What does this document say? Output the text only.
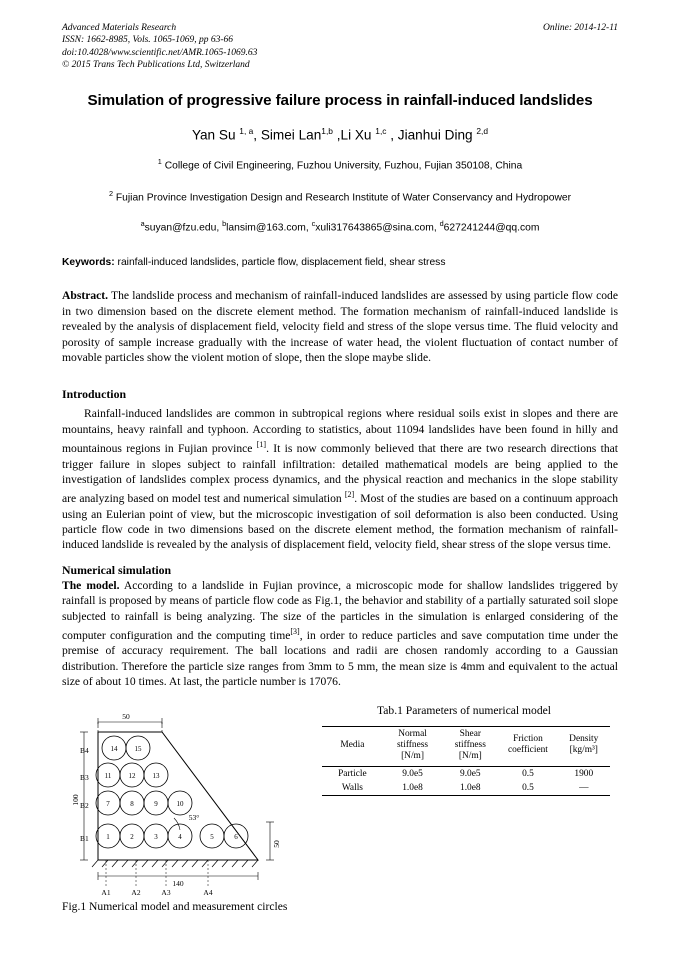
Advanced Materials Research
ISSN: 1662-8985, Vols. 1065-1069, pp 63-66
doi:10.4028/www.scientific.net/AMR.1065-1069.63
© 2015 Trans Tech Publications Ltd, Switzerland
Online: 2014-12-11
Simulation of progressive failure process in rainfall-induced landslides
Yan Su $^{1, a}$, Simei Lan$^{1,b}$ ,Li Xu $^{1,c}$ , Jianhui Ding $^{2,d}$
$^1$ College of Civil Engineering, Fuzhou University, Fuzhou, Fujian 350108, China
$^2$ Fujian Province Investigation Design and Research Institute of Water Conservancy and Hydropower
$^a$suyan@fzu.edu, $^b$lansim@163.com, $^c$xuli317643865@sina.com, $^d$627241244@qq.com
Keywords: rainfall-induced landslides, particle flow, displacement field, shear stress
Abstract. The landslide process and mechanism of rainfall-induced landslides are assessed by using particle flow code in two dimension based on the discrete element method. The formation mechanism of rainfall-induced landslide is revealed by the analysis of displacement field, velocity field and stress of the slope versus time. The fluid velocity and porosity of sample increase gradually with the increase of water head, the violent fluctuation of contact number of movable particles show the violent motion of slope, then the slope maybe slide.
Introduction

Rainfall-induced landslides are common in subtropical regions where residual soils exist in slopes and there are mountains, heavy rainfall and typhoon. According to statistics, about 11094 landslides have been found in hilly and mountainous regions in Fujian province [1]. It is now commonly believed that there are two research directions that trigger failure in slopes subject to rainfall infiltration: detailed mathematical models are being applied to the investigation of landslides complex process dynamics, and the physical reaction and mechanics in the slope stability are analyzing based on model test and numerical simulation [2]. Most of the studies are based on a continuum approach using an Eulerian point of view, but the microscopic investigation of soil deformation is also been conducted. Using particle flow code in two dimensions based on the discrete element method, the formation mechanism of rainfall-induced landslide is revealed by the analysis of displacement field, velocity field, shear stress of the slope versus time.

Numerical simulation

The model. According to a landslide in Fujian province, a microscopic mode for shallow landslides triggered by rainfall is proposed by means of particle flow code as Fig.1, the behavior and stability of a partially saturated soil slope subjected to rainfall is being analyzing. The size of the particles in the simulation is enlarged considering of the computer configuration and the computing time[3], in order to reduce particles and save computation time under the premise of accuracy requirement. The ball locations and radii are chosen randomly according to a Gaussian distribution. Therefore the particle size ranges from 3mm to 5 mm, the mean size is 4mm and equivalent to the actual size of about 10 times. At last, the particle number is 17076.

Tab.1 Parameters of numerical model
Media	Normal
stiffness
[N/m]	Shear
stiffness
[N/m]	Friction
coefficient	Density
[kg/m³]
Particle	9.0e5	9.0e5	0.5	1900
Walls	1.0e8	1.0e8	0.5	—
50
100
140
50
53°
B4
B3
B2
B1
A1	A2	A3	A4
14 15
11 12 13
7	8	9	10
1	2	3	4	5	6
Fig.1 Numerical model and measurement circles
